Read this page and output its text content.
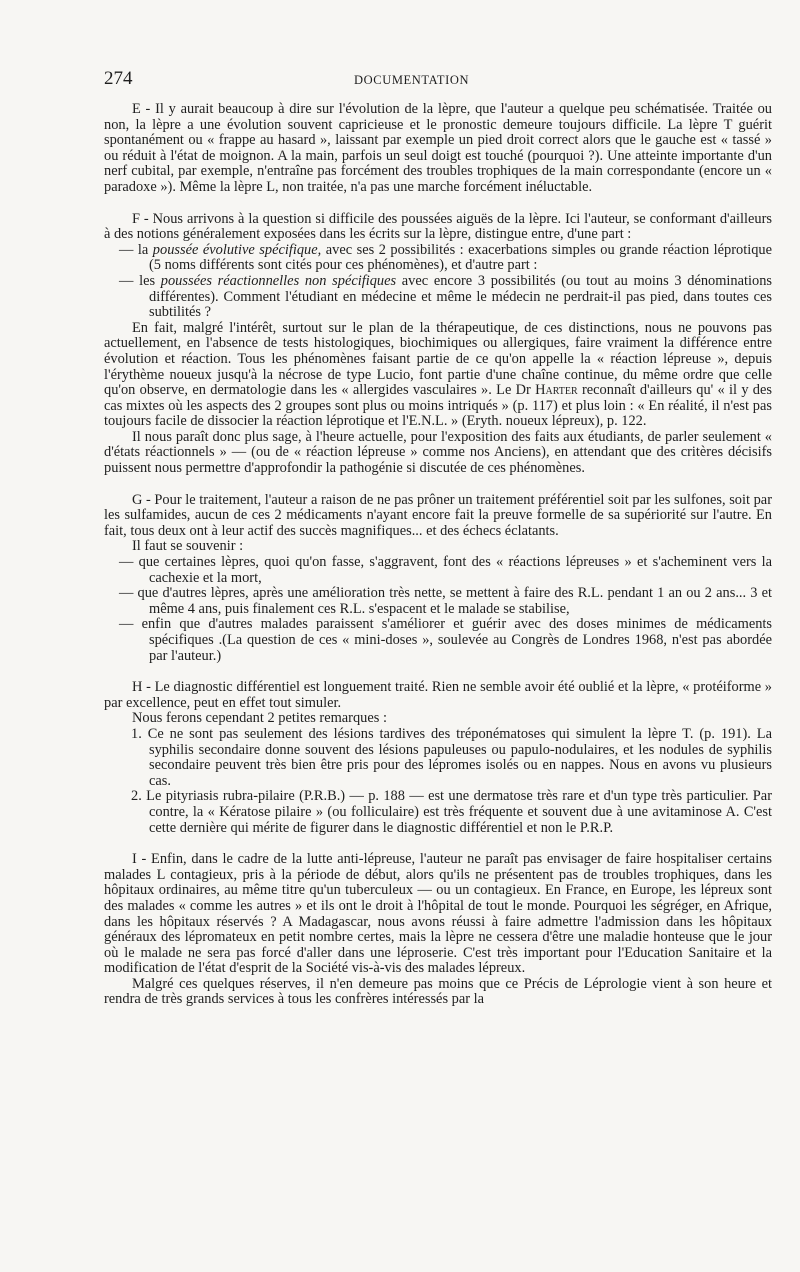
274	DOCUMENTATION

E - Il y aurait beaucoup à dire sur l'évolution de la lèpre, que l'auteur a quelque peu schématisée. Traitée ou non, la lèpre a une évolution souvent capricieuse et le pronostic demeure toujours difficile. La lèpre T guérit spontanément ou « frappe au hasard », laissant par exemple un pied droit correct alors que le gauche est « tassé » ou réduit à l'état de moignon. A la main, parfois un seul doigt est touché (pourquoi ?). Une atteinte importante d'un nerf cubital, par exemple, n'entraîne pas forcément des troubles trophiques de la main correspondante (encore un « paradoxe »). Même la lèpre L, non traitée, n'a pas une marche forcément inéluctable.

F - Nous arrivons à la question si difficile des poussées aiguës de la lèpre. Ici l'auteur, se conformant d'ailleurs à des notions généralement exposées dans les écrits sur la lèpre, distingue entre, d'une part :

— la poussée évolutive spécifique, avec ses 2 possibilités : exacerbations simples ou grande réaction léprotique (5 noms différents sont cités pour ces phénomènes), et d'autre part :

— les poussées réactionnelles non spécifiques avec encore 3 possibilités (ou tout au moins 3 dénominations différentes). Comment l'étudiant en médecine et même le médecin ne perdrait-il pas pied, dans toutes ces subtilités ?

En fait, malgré l'intérêt, surtout sur le plan de la thérapeutique, de ces distinctions, nous ne pouvons pas actuellement, en l'absence de tests histologiques, biochimiques ou allergiques, faire vraiment la différence entre évolution et réaction. Tous les phénomènes faisant partie de ce qu'on appelle la « réaction lépreuse », depuis l'érythème noueux jusqu'à la nécrose de type Lucio, font partie d'une chaîne continue, du même ordre que celle qu'on observe, en dermatologie dans les « allergides vasculaires ». Le Dr Harter reconnaît d'ailleurs qu' « il y des cas mixtes où les aspects des 2 groupes sont plus ou moins intriqués » (p. 117) et plus loin : « En réalité, il n'est pas toujours facile de dissocier la réaction léprotique et l'E.N.L. » (Eryth. noueux lépreux), p. 122.

Il nous paraît donc plus sage, à l'heure actuelle, pour l'exposition des faits aux étudiants, de parler seulement « d'états réactionnels » — (ou de « réaction lépreuse » comme nos Anciens), en attendant que des critères décisifs puissent nous permettre d'approfondir la pathogénie si discutée de ces phénomènes.

G - Pour le traitement, l'auteur a raison de ne pas prôner un traitement préférentiel soit par les sulfones, soit par les sulfamides, aucun de ces 2 médicaments n'ayant encore fait la preuve formelle de sa supériorité sur l'autre. En fait, tous deux ont à leur actif des succès magnifiques... et des échecs éclatants.

Il faut se souvenir :

— que certaines lèpres, quoi qu'on fasse, s'aggravent, font des « réactions lépreuses » et s'acheminent vers la cachexie et la mort,

— que d'autres lèpres, après une amélioration très nette, se mettent à faire des R.L. pendant 1 an ou 2 ans... 3 et même 4 ans, puis finalement ces R.L. s'espacent et le malade se stabilise,

— enfin que d'autres malades paraissent s'améliorer et guérir avec des doses minimes de médicaments spécifiques .(La question de ces « mini-doses », soulevée au Congrès de Londres 1968, n'est pas abordée par l'auteur.)

H - Le diagnostic différentiel est longuement traité. Rien ne semble avoir été oublié et la lèpre, « protéiforme » par excellence, peut en effet tout simuler.

Nous ferons cependant 2 petites remarques :

1. Ce ne sont pas seulement des lésions tardives des tréponématoses qui simulent la lèpre T. (p. 191). La syphilis secondaire donne souvent des lésions papuleuses ou papulo-nodulaires, et les nodules de syphilis secondaire peuvent très bien être pris pour des lépromes isolés ou en nappes. Nous en avons vu plusieurs cas.

2. Le pityriasis rubra-pilaire (P.R.B.) — p. 188 — est une dermatose très rare et d'un type très particulier. Par contre, la « Kératose pilaire » (ou folliculaire) est très fréquente et souvent due à une avitaminose A. C'est cette dernière qui mérite de figurer dans le diagnostic différentiel et non le P.R.P.

I - Enfin, dans le cadre de la lutte anti-lépreuse, l'auteur ne paraît pas envisager de faire hospitaliser certains malades L contagieux, pris à la période de début, alors qu'ils ne présentent pas de troubles trophiques, dans les hôpitaux ordinaires, au même titre qu'un tuberculeux — ou un contagieux. En France, en Europe, les lépreux sont des malades « comme les autres » et ils ont le droit à l'hôpital de tout le monde. Pourquoi les ségréger, en Afrique, dans les hôpitaux réservés ? A Madagascar, nous avons réussi à faire admettre l'admission dans les hôpitaux généraux des lépromateux en petit nombre certes, mais la lèpre ne cessera d'être une maladie honteuse que le jour où le malade ne sera pas forcé d'aller dans une léproserie. C'est très important pour l'Education Sanitaire et la modification de l'état d'esprit de la Société vis-à-vis des malades lépreux.

Malgré ces quelques réserves, il n'en demeure pas moins que ce Précis de Léprologie vient à son heure et rendra de très grands services à tous les confrères intéressés par la
